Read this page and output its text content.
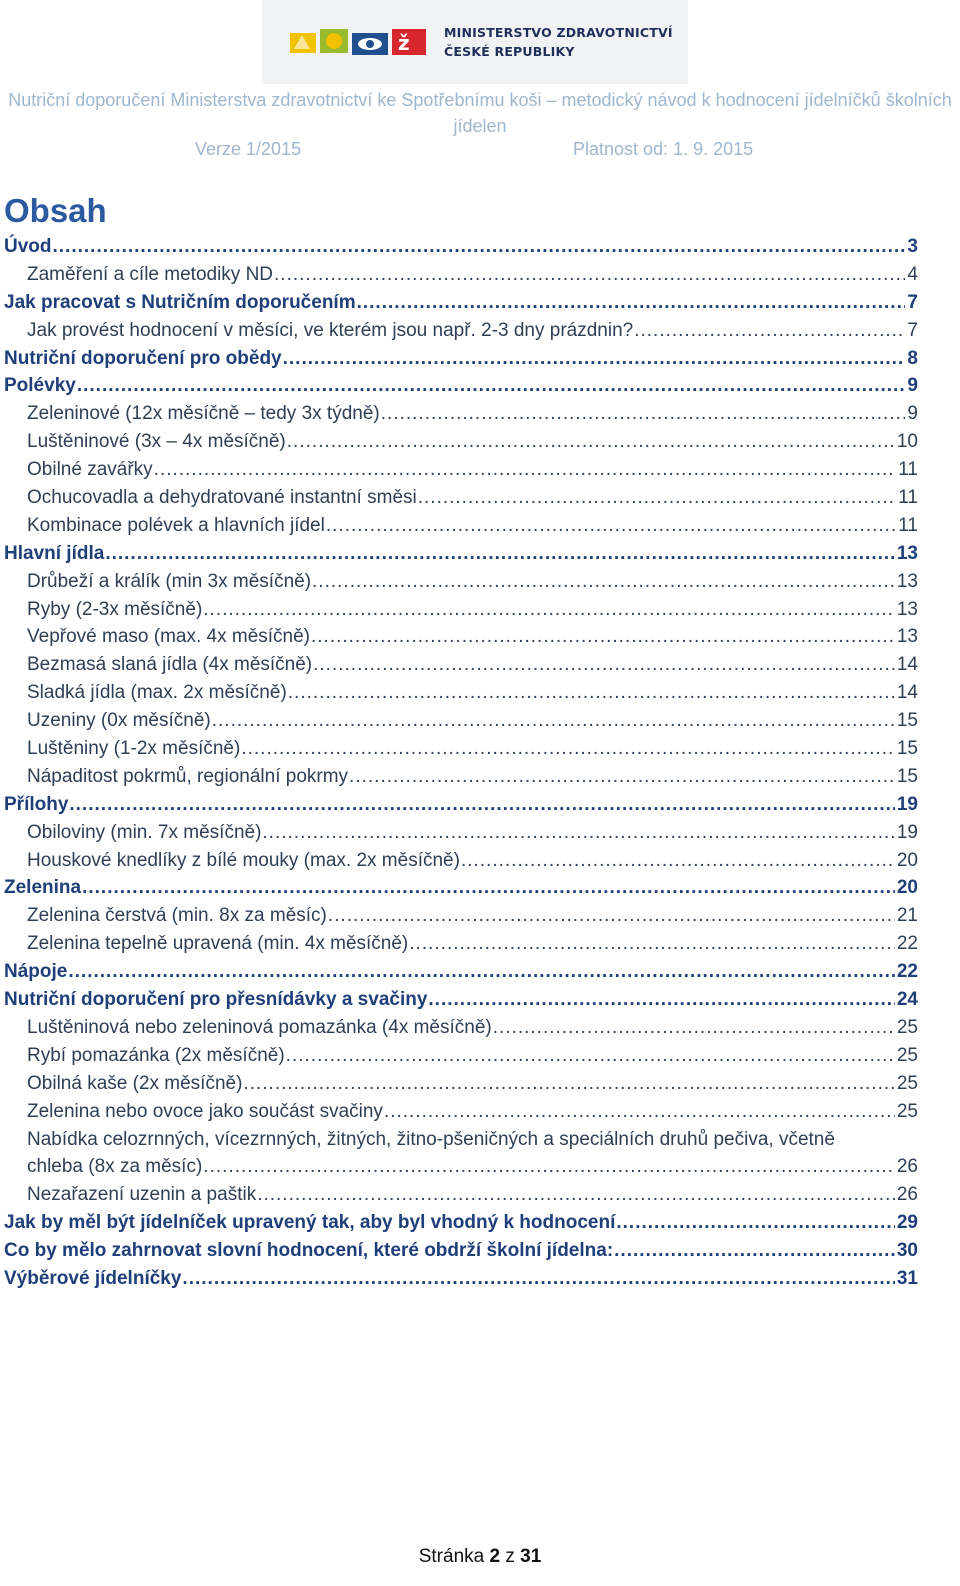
ž	MINISTERSTVO ZDRAVOTNICTVÍ
ČESKÉ REPUBLIKY
Nutriční doporučení Ministerstva zdravotnictví ke Spotřebnímu koši – metodický návod k hodnocení jídelníčků školních jídelen
Verze 1/2015	Platnost od: 1. 9. 2015
Obsah
Úvod .....	3
Zaměření a cíle metodiky ND .....	4
Jak pracovat s Nutričním doporučením .....	7
Jak provést hodnocení v měsíci, ve kterém jsou např. 2-3 dny prázdnin? .....	7
Nutriční doporučení pro obědy .....	8
Polévky .....	9
Zeleninové (12x měsíčně – tedy 3x týdně) .....	9
Luštěninové (3x – 4x měsíčně) .....	10
Obilné zavářky .....	11
Ochucovadla a dehydratované instantní směsi .....	11
Kombinace polévek a hlavních jídel .....	11
Hlavní jídla .....	13
Drůbeží a králík (min 3x měsíčně) .....	13
Ryby (2-3x měsíčně) .....	13
Vepřové maso (max. 4x měsíčně) .....	13
Bezmasá slaná jídla (4x měsíčně) .....	14
Sladká jídla (max. 2x měsíčně) .....	14
Uzeniny (0x měsíčně) .....	15
Luštěniny (1-2x měsíčně) .....	15
Nápaditost pokrmů, regionální pokrmy .....	15
Přílohy .....	19
Obiloviny (min. 7x měsíčně) .....	19
Houskové knedlíky z bílé mouky (max. 2x měsíčně) .....	20
Zelenina .....	20
Zelenina čerstvá (min. 8x za měsíc) .....	21
Zelenina tepelně upravená (min. 4x měsíčně) .....	22
Nápoje .....	22
Nutriční doporučení pro přesnídávky a svačiny .....	24
Luštěninová nebo zeleninová pomazánka (4x měsíčně) .....	25
Rybí pomazánka (2x měsíčně) .....	25
Obilná kaše (2x měsíčně) .....	25
Zelenina nebo ovoce jako součást svačiny .....	25
Nabídka celozrnných, vícezrnných, žitných, žitno-pšeničných a speciálních druhů pečiva, včetně
chleba (8x za měsíc) .....	26
Nezařazení uzenin a paštik .....	26
Jak by měl být jídelníček upravený tak, aby byl vhodný k hodnocení .....	29
Co by mělo zahrnovat slovní hodnocení, které obdrží školní jídelna: .....	30
Výběrové jídelníčky .....	31
Stránka 2 z 31
